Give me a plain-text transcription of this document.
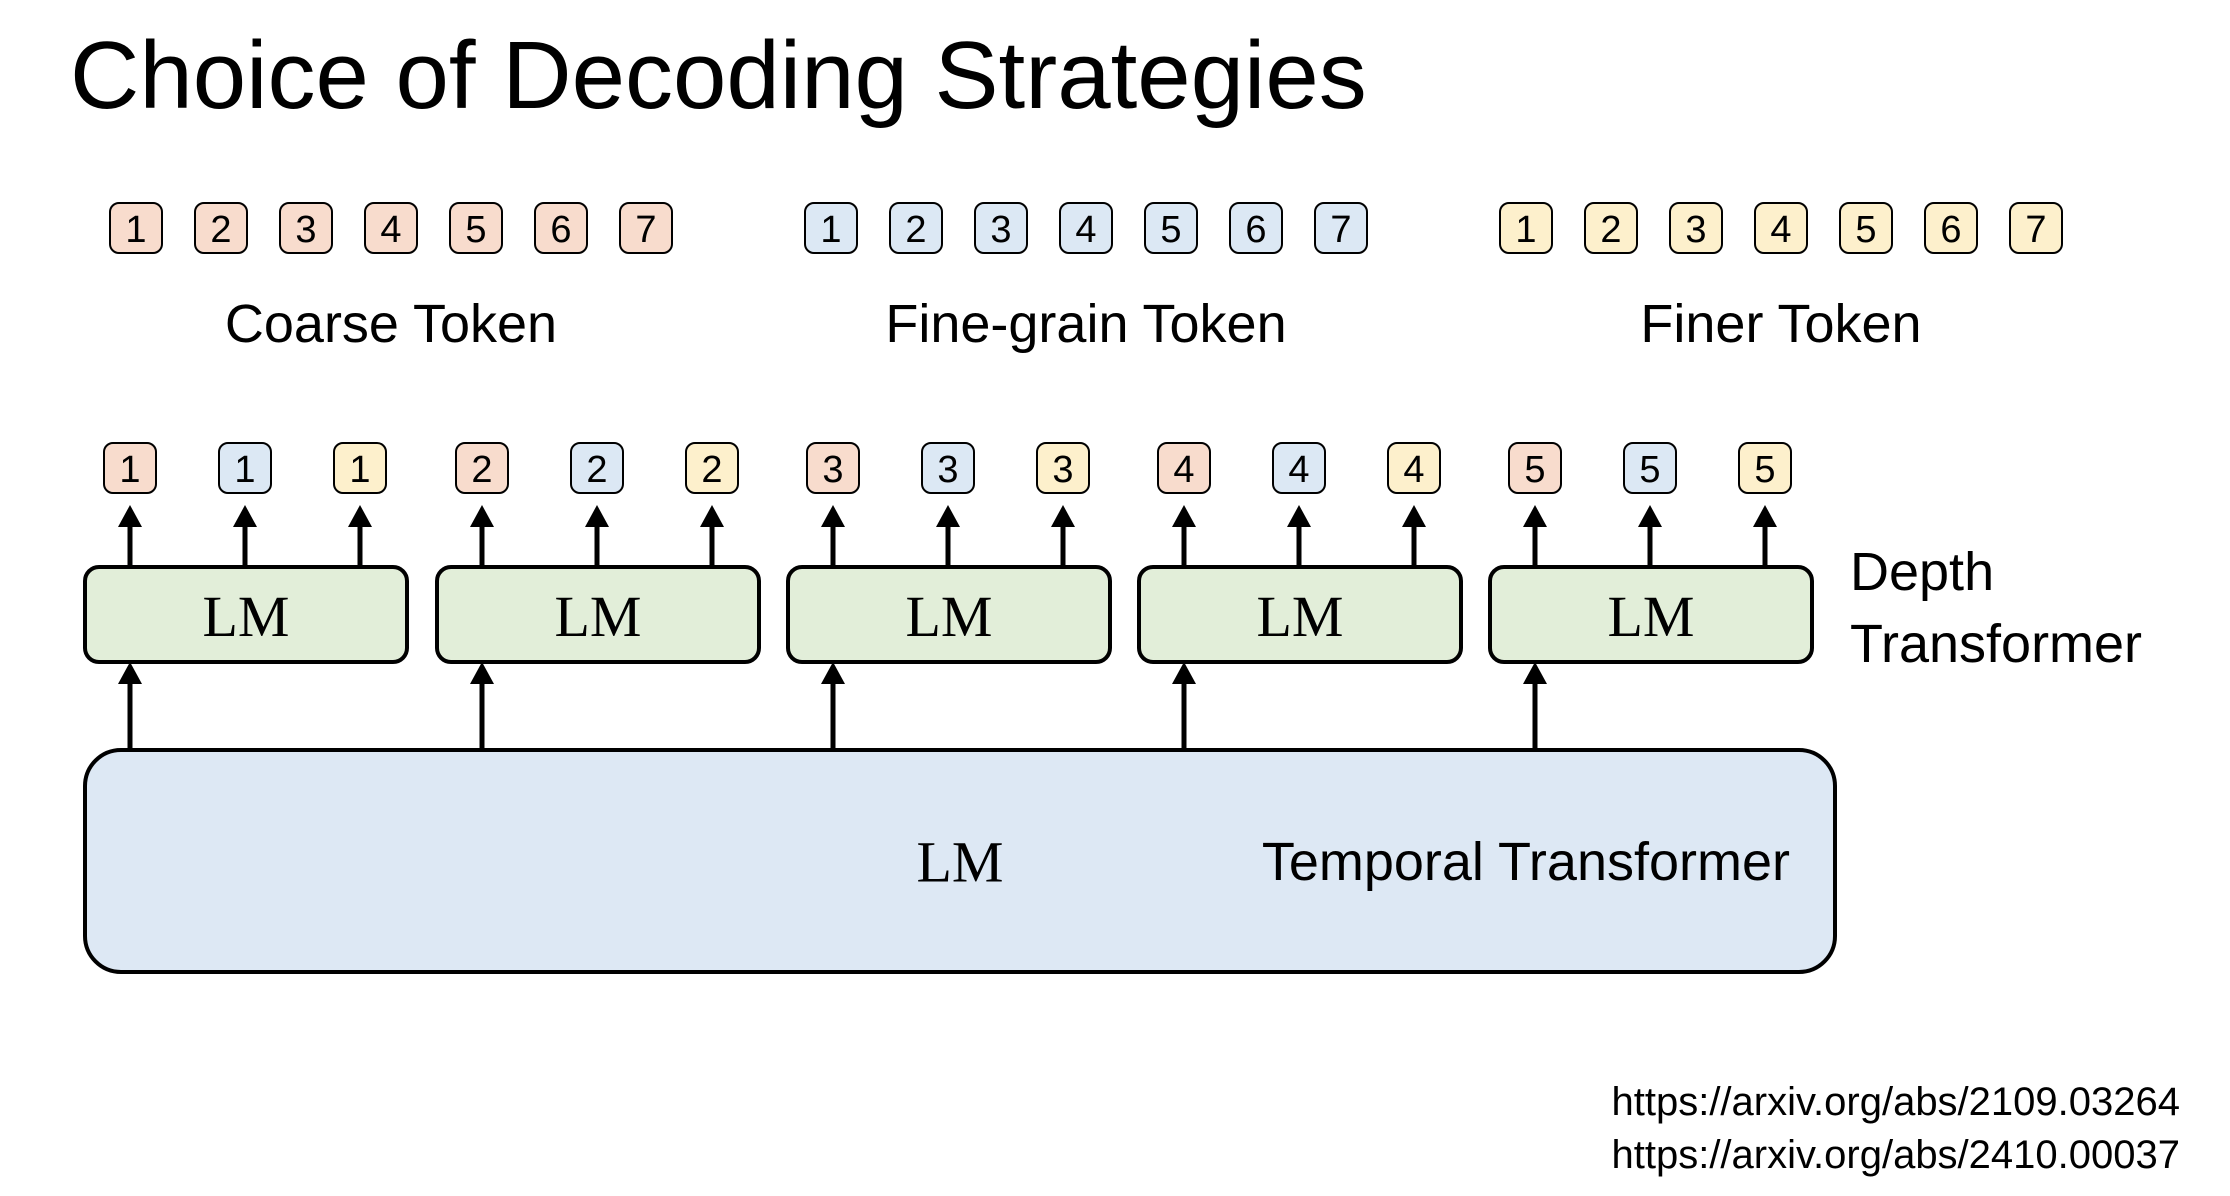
Choice of Decoding Strategies
1 2 3 4 5 6 7
Coarse Token
1 2 3 4 5 6 7
Fine-grain Token
1 2 3 4 5 6 7
Finer Token
LM
1 1 1
LM
2 2 2
LM
3 3 3
LM
4 4 4
LM
5 5 5
Depth
Transformer
LM	Temporal Transformer
https://arxiv.org/abs/2109.03264
https://arxiv.org/abs/2410.00037
